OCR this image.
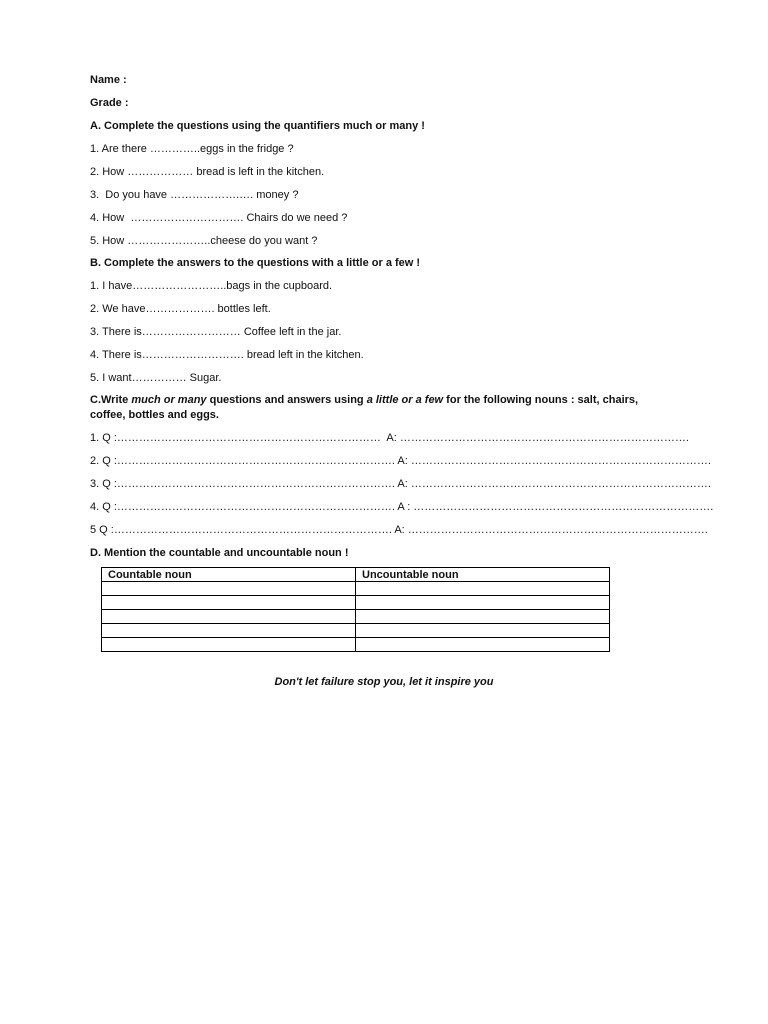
Name :
Grade :
A. Complete the questions using the quantifiers much or many !
1. Are there …………..eggs in the fridge ?
2. How ……………… bread is left in the kitchen.
3.  Do you have ……………….…. money ?
4. How  …………………………. Chairs do we need ?
5. How …………………..cheese do you want ?
B. Complete the answers to the questions with a little or a few !
1. I have……………………..bags in the cupboard.
2. We have………………. bottles left.
3. There is……………………… Coffee left in the jar.
4. There is………………………. bread left in the kitchen.
5. I want…………… Sugar.
C.Write much or many questions and answers using a little or a few for the following nouns : salt, chairs, coffee, bottles and eggs.
1. Q :………………………………………………………………  A: …………………………………………………………………….
2. Q :…………………………………………………………………. A: ……………………………………………………………………….
3. Q :…………………………………………………………………. A: ……………………………………………………………………….
4. Q :…………………………………………………………………. A : ……………………………………………………………………….
5 Q :…………………………………………………………………. A: ……………………………………………………………………….
D. Mention the countable and uncountable noun !
Countable noun	Uncountable noun

Don't let failure stop you, let it inspire you
